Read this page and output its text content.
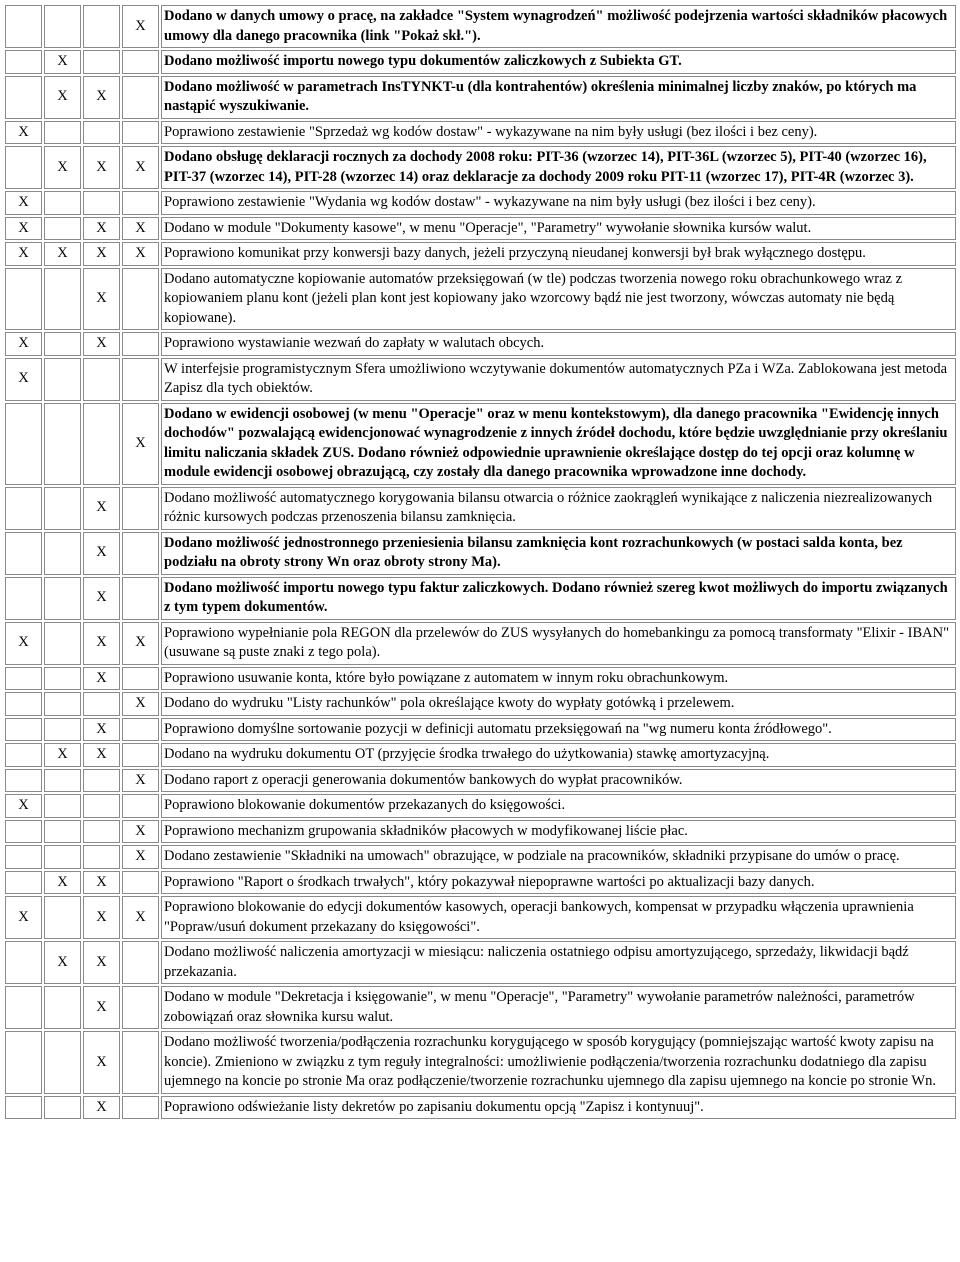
			X	Dodano w danych umowy o pracę, na zakładce "System wynagrodzeń" możliwość podejrzenia wartości składników płacowych umowy dla danego pracownika (link "Pokaż skł.").
	X			Dodano możliwość importu nowego typu dokumentów zaliczkowych z Subiekta GT.
	X	X		Dodano możliwość w parametrach InsTYNKT-u (dla kontrahentów) określenia minimalnej liczby znaków, po których ma nastąpić wyszukiwanie.
X				Poprawiono zestawienie "Sprzedaż wg kodów dostaw" - wykazywane na nim były usługi (bez ilości i bez ceny).
	X	X	X	Dodano obsługę deklaracji rocznych za dochody 2008 roku: PIT-36 (wzorzec 14), PIT-36L (wzorzec 5), PIT-40 (wzorzec 16), PIT-37 (wzorzec 14), PIT-28 (wzorzec 14) oraz deklaracje za dochody 2009 roku PIT-11 (wzorzec 17), PIT-4R (wzorzec 3).
X				Poprawiono zestawienie "Wydania wg kodów dostaw" - wykazywane na nim były usługi (bez ilości i bez ceny).
X		X	X	Dodano w module "Dokumenty kasowe", w menu "Operacje", "Parametry" wywołanie słownika kursów walut.
X	X	X	X	Poprawiono komunikat przy konwersji bazy danych, jeżeli przyczyną nieudanej konwersji był brak wyłącznego dostępu.
		X		Dodano automatyczne kopiowanie automatów przeksięgowań (w tle) podczas tworzenia nowego roku obrachunkowego wraz z kopiowaniem planu kont (jeżeli plan kont jest kopiowany jako wzorcowy bądź nie jest tworzony, wówczas automaty nie będą kopiowane).
X		X		Poprawiono wystawianie wezwań do zapłaty w walutach obcych.
X				W interfejsie programistycznym Sfera umożliwiono wczytywanie dokumentów automatycznych PZa i WZa. Zablokowana jest metoda Zapisz dla tych obiektów.
			X	Dodano w ewidencji osobowej (w menu "Operacje" oraz w menu kontekstowym), dla danego pracownika "Ewidencję innych dochodów" pozwalającą ewidencjonować wynagrodzenie z innych źródeł dochodu, które będzie uwzględnianie przy określaniu limitu naliczania składek ZUS. Dodano również odpowiednie uprawnienie określające dostęp do tej opcji oraz kolumnę w module ewidencji osobowej obrazującą, czy zostały dla danego pracownika wprowadzone inne dochody.
		X		Dodano możliwość automatycznego korygowania bilansu otwarcia o różnice zaokrągleń wynikające z naliczenia niezrealizowanych różnic kursowych podczas przenoszenia bilansu zamknięcia.
		X		Dodano możliwość jednostronnego przeniesienia bilansu zamknięcia kont rozrachunkowych (w postaci salda konta, bez podziału na obroty strony Wn oraz obroty strony Ma).
		X		Dodano możliwość importu nowego typu faktur zaliczkowych. Dodano również szereg kwot możliwych do importu związanych z tym typem dokumentów.
X		X	X	Poprawiono wypełnianie pola REGON dla przelewów do ZUS wysyłanych do homebankingu za pomocą transformaty "Elixir - IBAN" (usuwane są puste znaki z tego pola).
		X		Poprawiono usuwanie konta, które było powiązane z automatem w innym roku obrachunkowym.
			X	Dodano do wydruku "Listy rachunków" pola określające kwoty do wypłaty gotówką i przelewem.
		X		Poprawiono domyślne sortowanie pozycji w definicji automatu przeksięgowań na "wg numeru konta źródłowego".
	X	X		Dodano na wydruku dokumentu OT (przyjęcie środka trwałego do użytkowania) stawkę amortyzacyjną.
			X	Dodano raport z operacji generowania dokumentów bankowych do wypłat pracowników.
X				Poprawiono blokowanie dokumentów przekazanych do księgowości.
			X	Poprawiono mechanizm grupowania składników płacowych w modyfikowanej liście płac.
			X	Dodano zestawienie "Składniki na umowach" obrazujące, w podziale na pracowników, składniki przypisane do umów o pracę.
	X	X		Poprawiono "Raport o środkach trwałych", który pokazywał niepoprawne wartości po aktualizacji bazy danych.
X		X	X	Poprawiono blokowanie do edycji dokumentów kasowych, operacji bankowych, kompensat w przypadku włączenia uprawnienia "Popraw/usuń dokument przekazany do księgowości".
	X	X		Dodano możliwość naliczenia amortyzacji w miesiącu: naliczenia ostatniego odpisu amortyzującego, sprzedaży, likwidacji bądź przekazania.
		X		Dodano w module "Dekretacja i księgowanie", w menu "Operacje", "Parametry" wywołanie parametrów należności, parametrów zobowiązań oraz słownika kursu walut.
		X		Dodano możliwość tworzenia/podłączenia rozrachunku korygującego w sposób korygujący (pomniejszając wartość kwoty zapisu na koncie). Zmieniono w związku z tym reguły integralności: umożliwienie podłączenia/tworzenia rozrachunku dodatniego dla zapisu ujemnego na koncie po stronie Ma oraz podłączenie/tworzenie rozrachunku ujemnego dla zapisu ujemnego na koncie po stronie Wn.
		X		Poprawiono odświeżanie listy dekretów po zapisaniu dokumentu opcją "Zapisz i kontynuuj".
